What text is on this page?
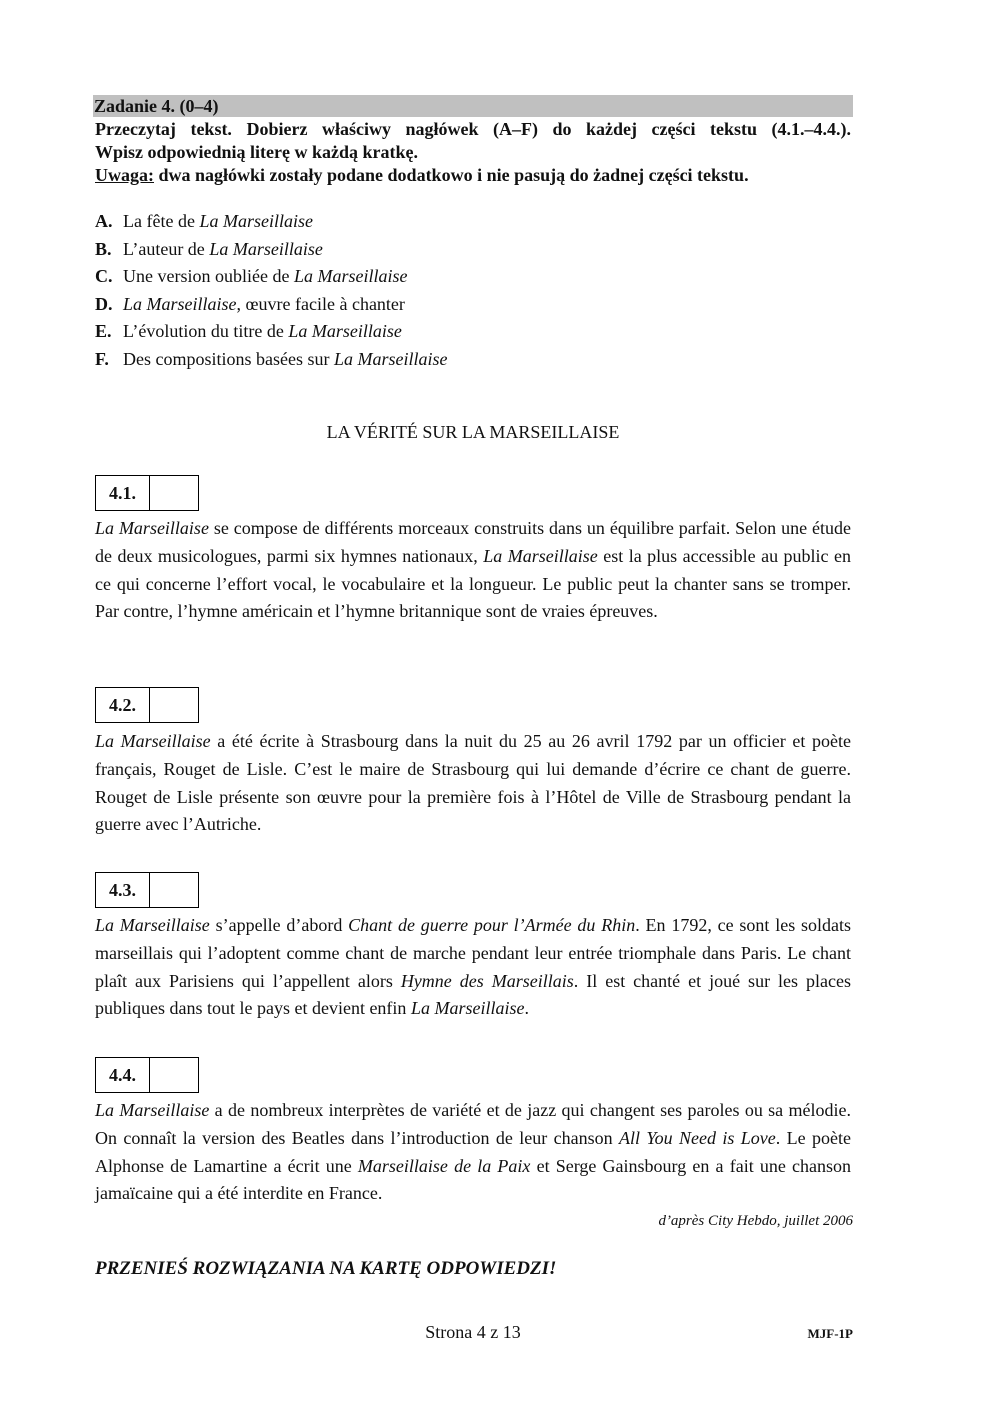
Zadanie 4. (0–4)
Przeczytaj tekst. Dobierz właściwy nagłówek (A–F) do każdej części tekstu (4.1.–4.4.).
Wpisz odpowiednią literę w każdą kratkę.
Uwaga: dwa nagłówki zostały podane dodatkowo i nie pasują do żadnej części tekstu.
A. La fête de La Marseillaise
B. L’auteur de La Marseillaise
C. Une version oubliée de La Marseillaise
D. La Marseillaise, œuvre facile à chanter
E. L’évolution du titre de La Marseillaise
F. Des compositions basées sur La Marseillaise
LA VÉRITÉ SUR LA MARSEILLAISE
4.1.
La Marseillaise se compose de différents morceaux construits dans un équilibre parfait. Selon une étude de deux musicologues, parmi six hymnes nationaux, La Marseillaise est la plus accessible au public en ce qui concerne l’effort vocal, le vocabulaire et la longueur. Le public peut la chanter sans se tromper. Par contre, l’hymne américain et l’hymne britannique sont de vraies épreuves.
4.2.
La Marseillaise a été écrite à Strasbourg dans la nuit du 25 au 26 avril 1792 par un officier et poète français, Rouget de Lisle. C’est le maire de Strasbourg qui lui demande d’écrire ce chant de guerre. Rouget de Lisle présente son œuvre pour la première fois à l’Hôtel de Ville de Strasbourg pendant la guerre avec l’Autriche.
4.3.
La Marseillaise s’appelle d’abord Chant de guerre pour l’Armée du Rhin. En 1792, ce sont les soldats marseillais qui l’adoptent comme chant de marche pendant leur entrée triomphale dans Paris. Le chant plaît aux Parisiens qui l’appellent alors Hymne des Marseillais. Il est chanté et joué sur les places publiques dans tout le pays et devient enfin La Marseillaise.
4.4.
La Marseillaise a de nombreux interprètes de variété et de jazz qui changent ses paroles ou sa mélodie. On connaît la version des Beatles dans l’introduction de leur chanson All You Need is Love. Le poète Alphonse de Lamartine a écrit une Marseillaise de la Paix et Serge Gainsbourg en a fait une chanson jamaïcaine qui a été interdite en France.
d’après City Hebdo, juillet 2006
PRZENIEŚ ROZWIĄZANIA NA KARTĘ ODPOWIEDZI!
Strona 4 z 13	MJF-1P
